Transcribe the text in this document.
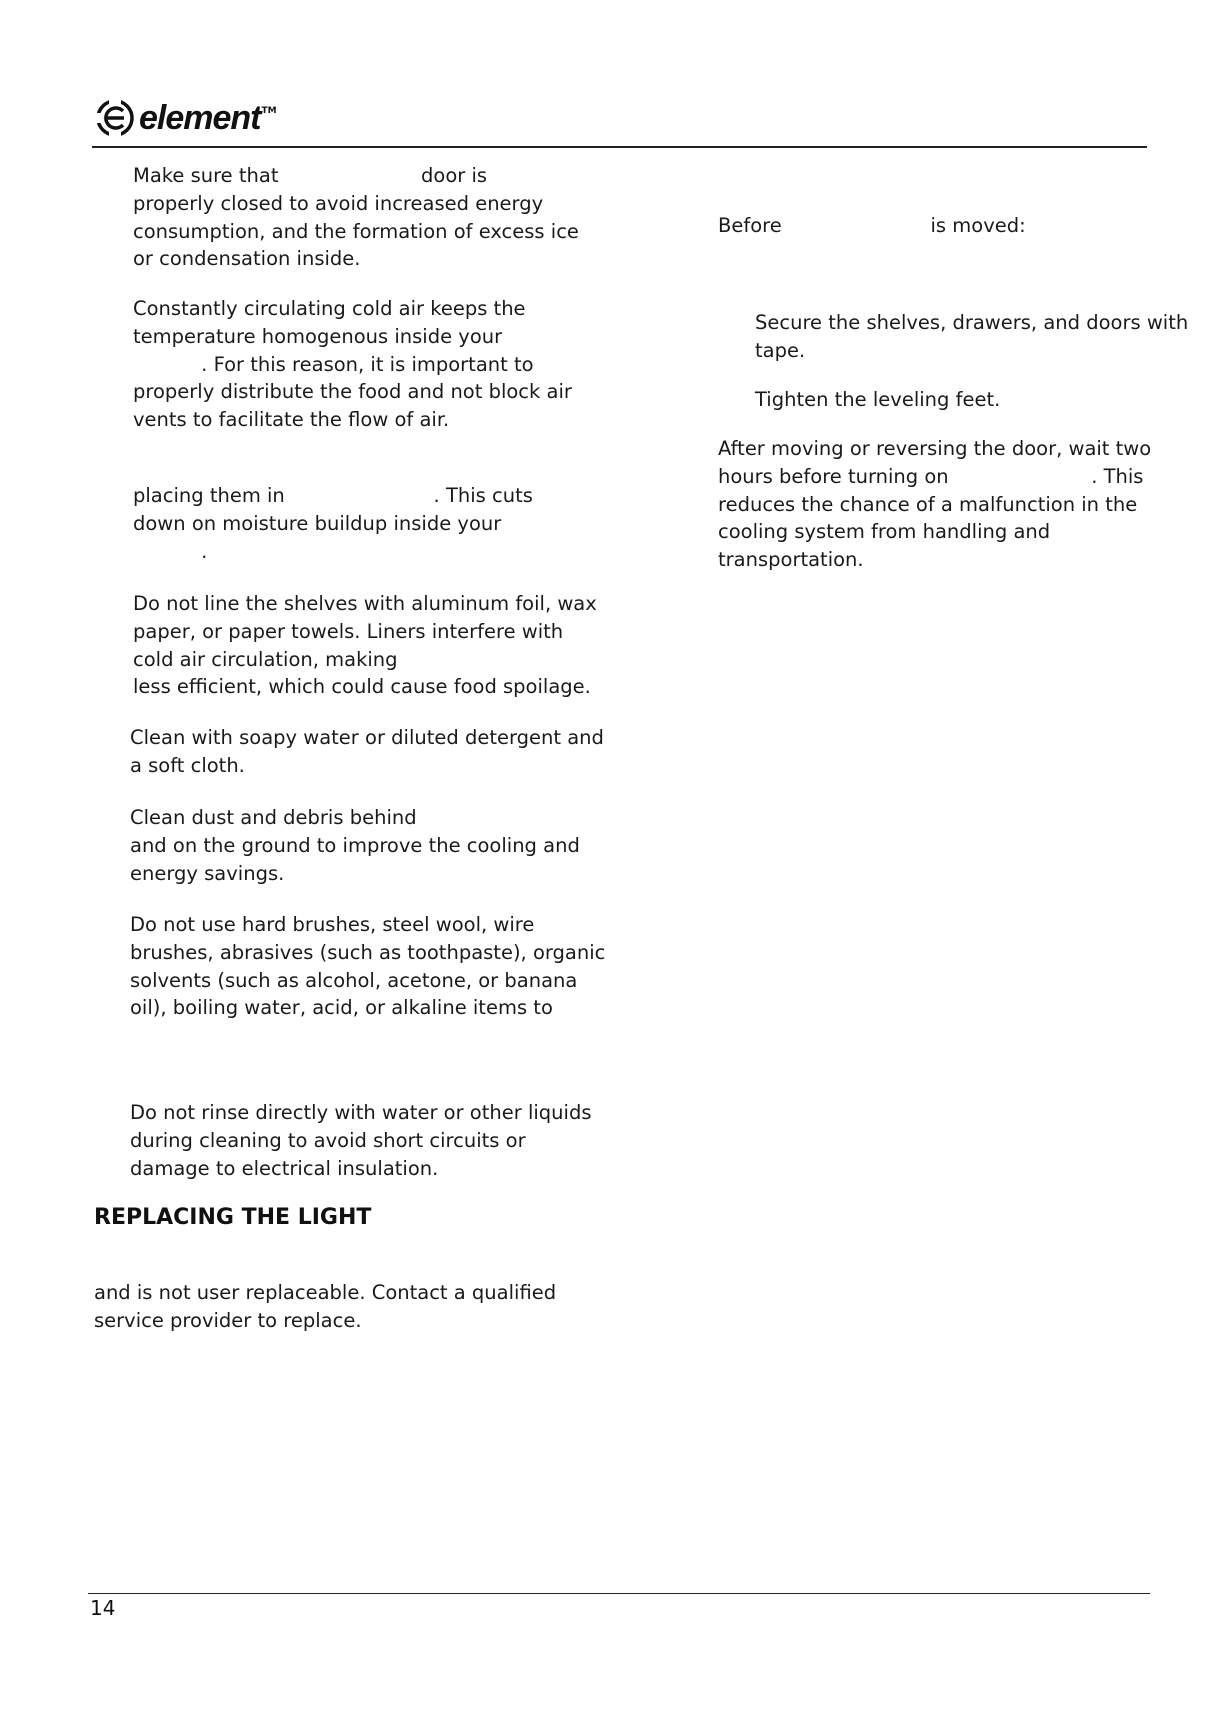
element TM

Make sure that                       door is
properly closed to avoid increased energy
consumption, and the formation of excess ice
or condensation inside.

Constantly circulating cold air keeps the
temperature homogenous inside your
. For this reason, it is important to
properly distribute the food and not block air
vents to facilitate the flow of air.

placing them in                        . This cuts
down on moisture buildup inside your
.

Do not line the shelves with aluminum foil, wax
paper, or paper towels. Liners interfere with
cold air circulation, making
less efficient, which could cause food spoilage.

Clean with soapy water or diluted detergent and
a soft cloth.

Clean dust and debris behind
and on the ground to improve the cooling and
energy savings.

Do not use hard brushes, steel wool, wire
brushes, abrasives (such as toothpaste), organic
solvents (such as alcohol, acetone, or banana
oil), boiling water, acid, or alkaline items to

Do not rinse directly with water or other liquids
during cleaning to avoid short circuits or
damage to electrical insulation.

REPLACING THE LIGHT

and is not user replaceable. Contact a qualified
service provider to replace.

Before                        is moved:

Secure the shelves, drawers, and doors with
tape.

Tighten the leveling feet.

After moving or reversing the door, wait two
hours before turning on                       . This
reduces the chance of a malfunction in the
cooling system from handling and
transportation.

14
